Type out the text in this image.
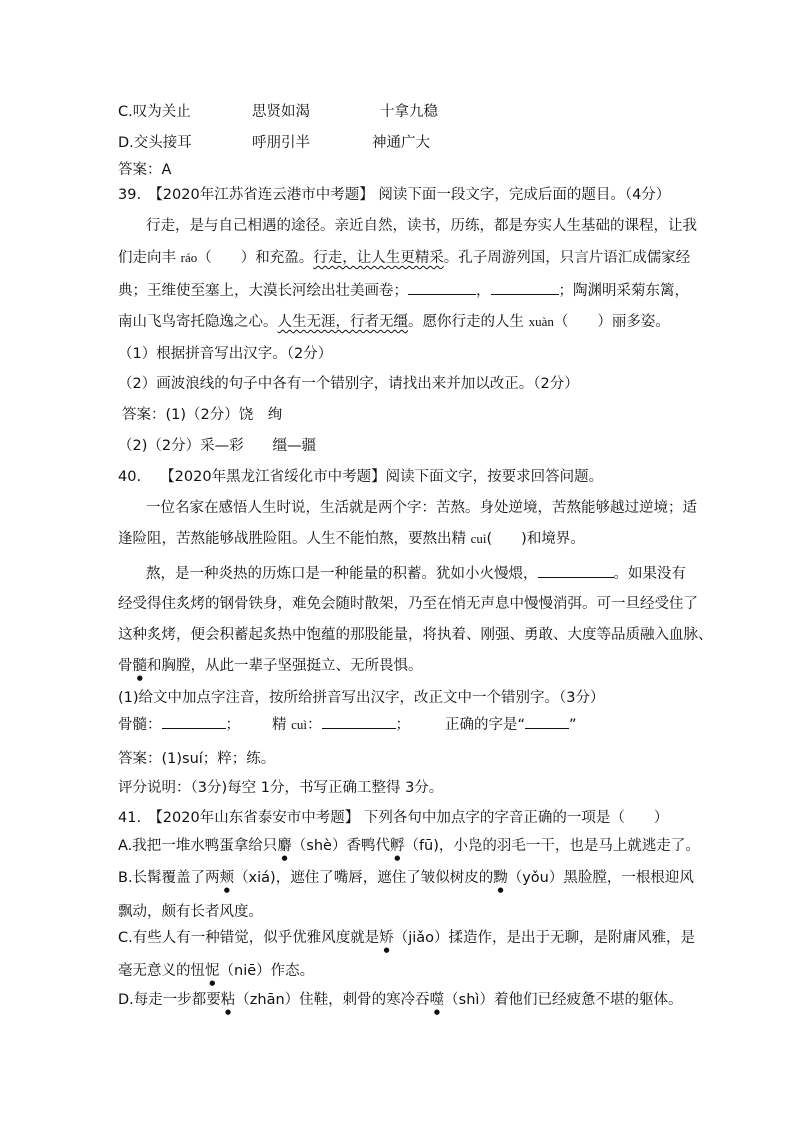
C.叹为关止	思贤如渴	十拿九稳
D.交头接耳	呼朋引半	神通广大
答案：A
39.　【2020年江苏省连云港市中考题】 阅读下面一段文字，完成后面的题目。（4分）
行走，是与自己相遇的途径。亲近自然，读书，历练，都是夯实人生基础的课程，让我
们走向丰 ráo（　　）和充盈。行走，让人生更精采。孔子周游列国，只言片语汇成儒家经
典；王维使至塞上，大漠长河绘出壮美画卷；	，	；陶渊明采菊东篱，
南山飞鸟寄托隐逸之心。人生无涯，行者无缰。愿你行走的人生 xuàn（　　）丽多姿。
（1）根据拼音写出汉字。（2分）
（2）画波浪线的句子中各有一个错别字，请找出来并加以改正。（2分）
答案：(1)（2分）饶　绚
（2)（2分）采—彩　　缰—疆
40.　 【2020年黑龙江省绥化市中考题】阅读下面文字，按要求回答问题。
一位名家在感悟人生时说，生活就是两个字：苦熬。身处逆境，苦熬能够越过逆境；适
逢险阻，苦熬能够战胜险阻。人生不能怕熬，要熬出精 cuì(　　)和境界。
熬，是一种炎热的历炼口是一种能量的积蓄。犹如小火慢煨，	。如果没有
经受得住炙烤的钢骨铁身，难免会随时散架，乃至在悄无声息中慢慢消弭。可一旦经受住了
这种炙烤，便会积蓄起炙热中饱蕴的那股能量，将执着、刚强、勇敢、大度等品质融入血脉、
骨髓和胸膛，从此一辈子坚强挺立、无所畏惧。
(1)给文中加点字注音，按所给拼音写出汉字，改正文中一个错别字。（3分）
骨髓：	； 精 cuì：	； 正确的字是“	”
答案：(1)suí；粹；练。
评分说明：（3分)每空 1分，书写正确工整得 3分。
41.　【2020年山东省泰安市中考题】 下列各句中加点字的字音正确的一项是（　　）
A.我把一堆水鸭蛋拿给只麝（shè）香鸭代孵（fū)，小凫的羽毛一干，也是马上就逃走了。
B.长髯覆盖了两颊（xiá)，遮住了嘴唇，遮住了皱似树皮的黝（yǒu）黑脸膛，一根根迎风
飘动，颇有长者风度。
C.有些人有一种错觉，似乎优雅风度就是矫（jiǎo）揉造作，是出于无聊，是附庸风雅，是
毫无意义的忸怩（niē）作态。
D.每走一步都要粘（zhān）住鞋，刺骨的寒冷吞噬（shì）着他们已经疲惫不堪的躯体。
